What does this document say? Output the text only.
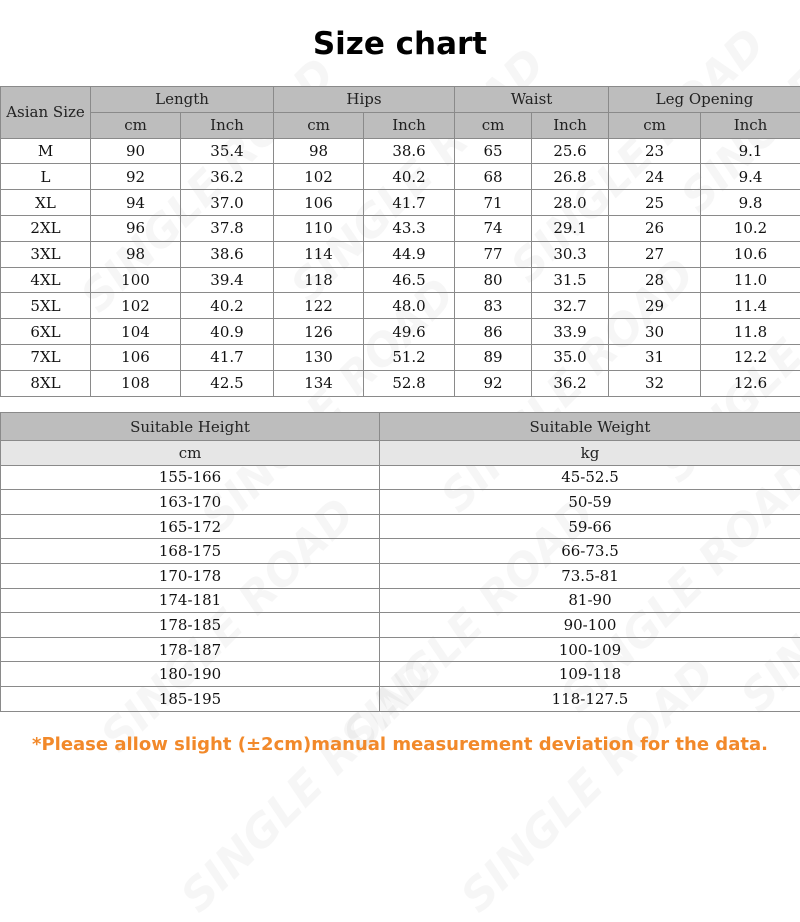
Size chart
Asian Size	Length		Hips		Waist		Leg Opening	
	cm	Inch	cm	Inch	cm	Inch	cm	Inch
M	90	35.4	98	38.6	65	25.6	23	9.1
L	92	36.2	102	40.2	68	26.8	24	9.4
XL	94	37.0	106	41.7	71	28.0	25	9.8
2XL	96	37.8	110	43.3	74	29.1	26	10.2
3XL	98	38.6	114	44.9	77	30.3	27	10.6
4XL	100	39.4	118	46.5	80	31.5	28	11.0
5XL	102	40.2	122	48.0	83	32.7	29	11.4
6XL	104	40.9	126	49.6	86	33.9	30	11.8
7XL	106	41.7	130	51.2	89	35.0	31	12.2
8XL	108	42.5	134	52.8	92	36.2	32	12.6
Suitable Height	Suitable Weight
cm	kg
155-166	45-52.5
163-170	50-59
165-172	59-66
168-175	66-73.5
170-178	73.5-81
174-181	81-90
178-185	90-100
178-187	100-109
180-190	109-118
185-195	118-127.5
*Please allow slight (±2cm)manual measurement deviation for the data.
